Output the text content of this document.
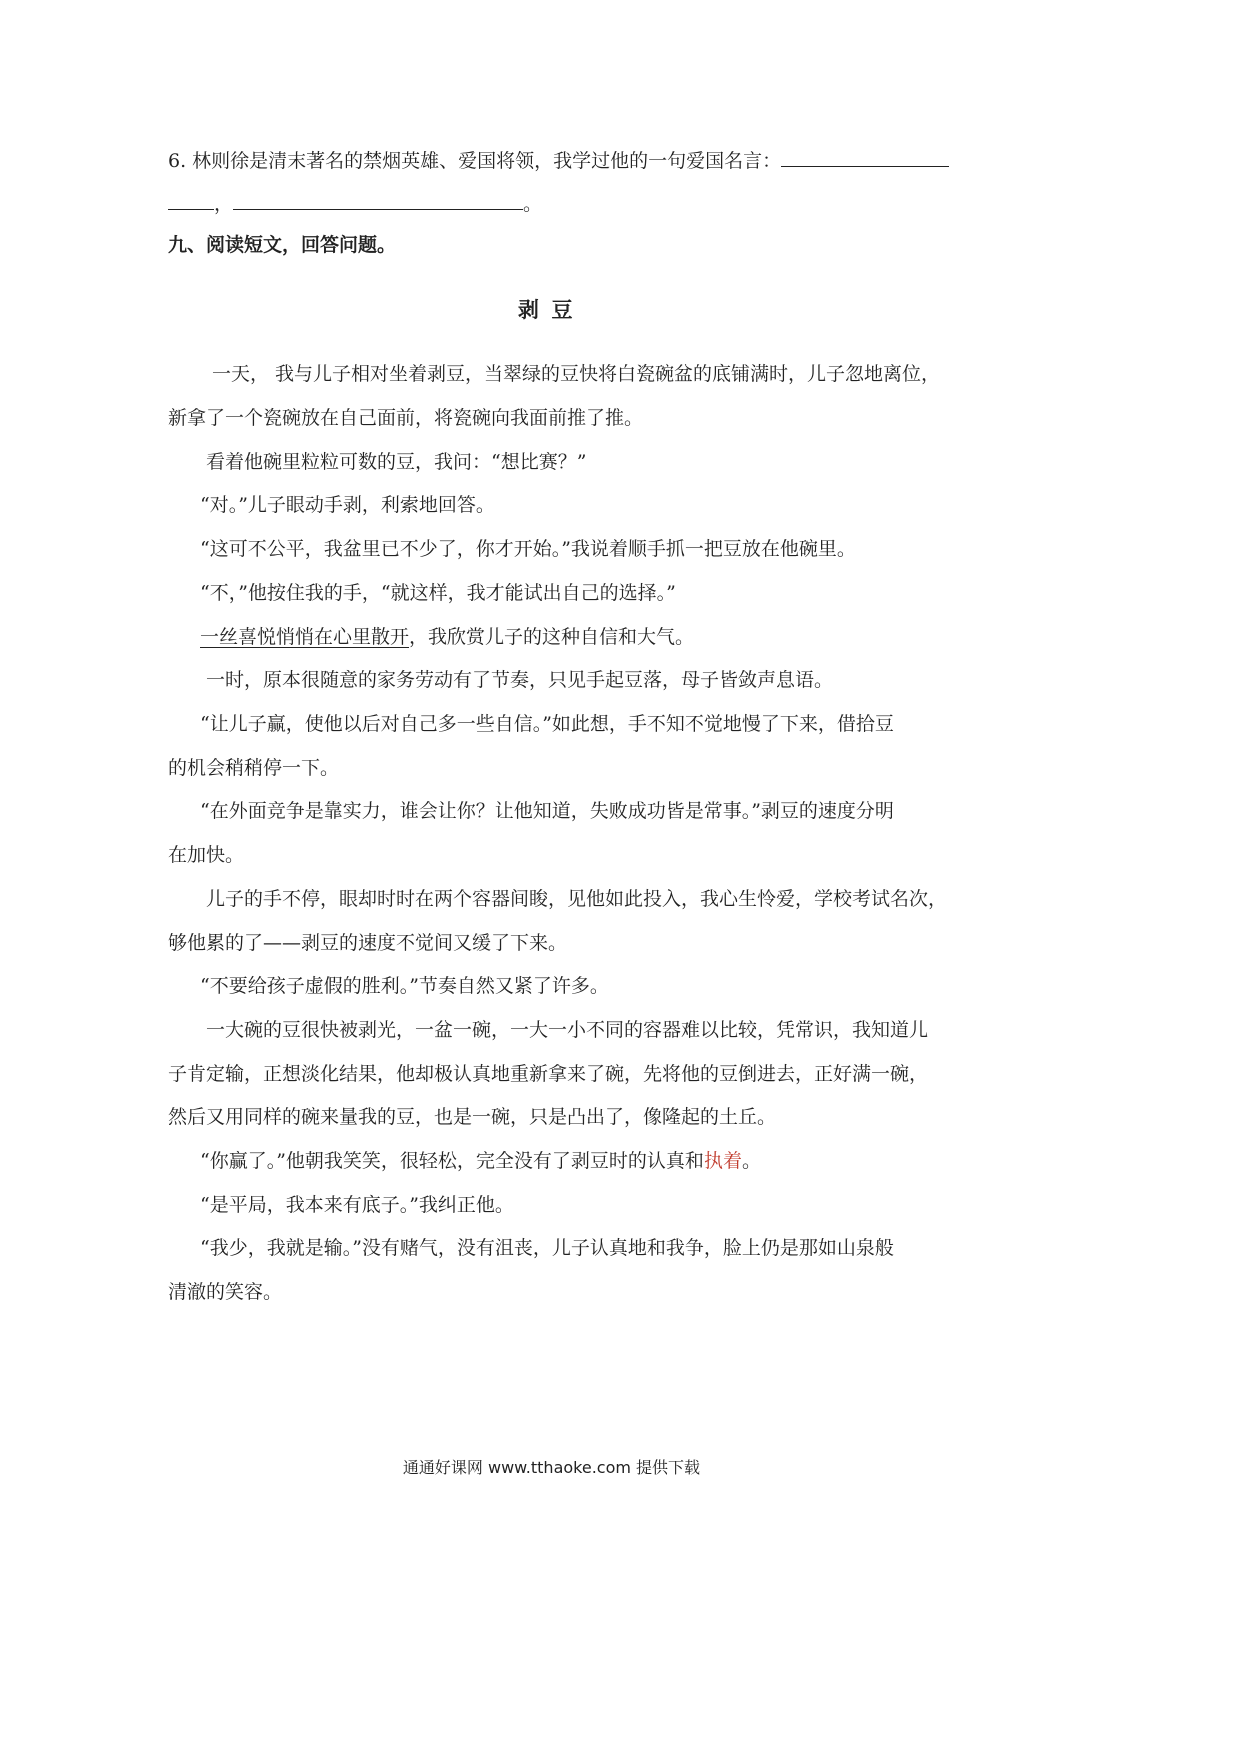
6. 林则徐是清末著名的禁烟英雄、爱国将领，我学过他的一句爱国名言：
，	。
九、阅读短文，回答问题。
剥豆
一天， 我与儿子相对坐着剥豆，当翠绿的豆快将白瓷碗盆的底铺满时，儿子忽地离位，
新拿了一个瓷碗放在自己面前，将瓷碗向我面前推了推。
看着他碗里粒粒可数的豆，我问：“想比赛？”
“对。”儿子眼动手剥，利索地回答。
“这可不公平，我盆里已不少了，你才开始。”我说着顺手抓一把豆放在他碗里。
“不，”他按住我的手，“就这样，我才能试出自己的选择。”
一丝喜悦悄悄在心里散开，我欣赏儿子的这种自信和大气。
一时，原本很随意的家务劳动有了节奏，只见手起豆落，母子皆敛声息语。
“让儿子赢，使他以后对自己多一些自信。”如此想，手不知不觉地慢了下来，借拾豆
的机会稍稍停一下。
“在外面竞争是靠实力，谁会让你？让他知道，失败成功皆是常事。”剥豆的速度分明
在加快。
儿子的手不停，眼却时时在两个容器间睃，见他如此投入，我心生怜爱，学校考试名次，
够他累的了——剥豆的速度不觉间又缓了下来。
“不要给孩子虚假的胜利。”节奏自然又紧了许多。
一大碗的豆很快被剥光，一盆一碗，一大一小不同的容器难以比较，凭常识，我知道儿
子肯定输，正想淡化结果，他却极认真地重新拿来了碗，先将他的豆倒进去，正好满一碗，
然后又用同样的碗来量我的豆，也是一碗，只是凸出了，像隆起的土丘。
“你赢了。”他朝我笑笑，很轻松，完全没有了剥豆时的认真和执着。
“是平局，我本来有底子。”我纠正他。
“我少，我就是输。”没有赌气，没有沮丧，儿子认真地和我争，脸上仍是那如山泉般
清澈的笑容。
通通好课网 www.tthaoke.com 提供下载
